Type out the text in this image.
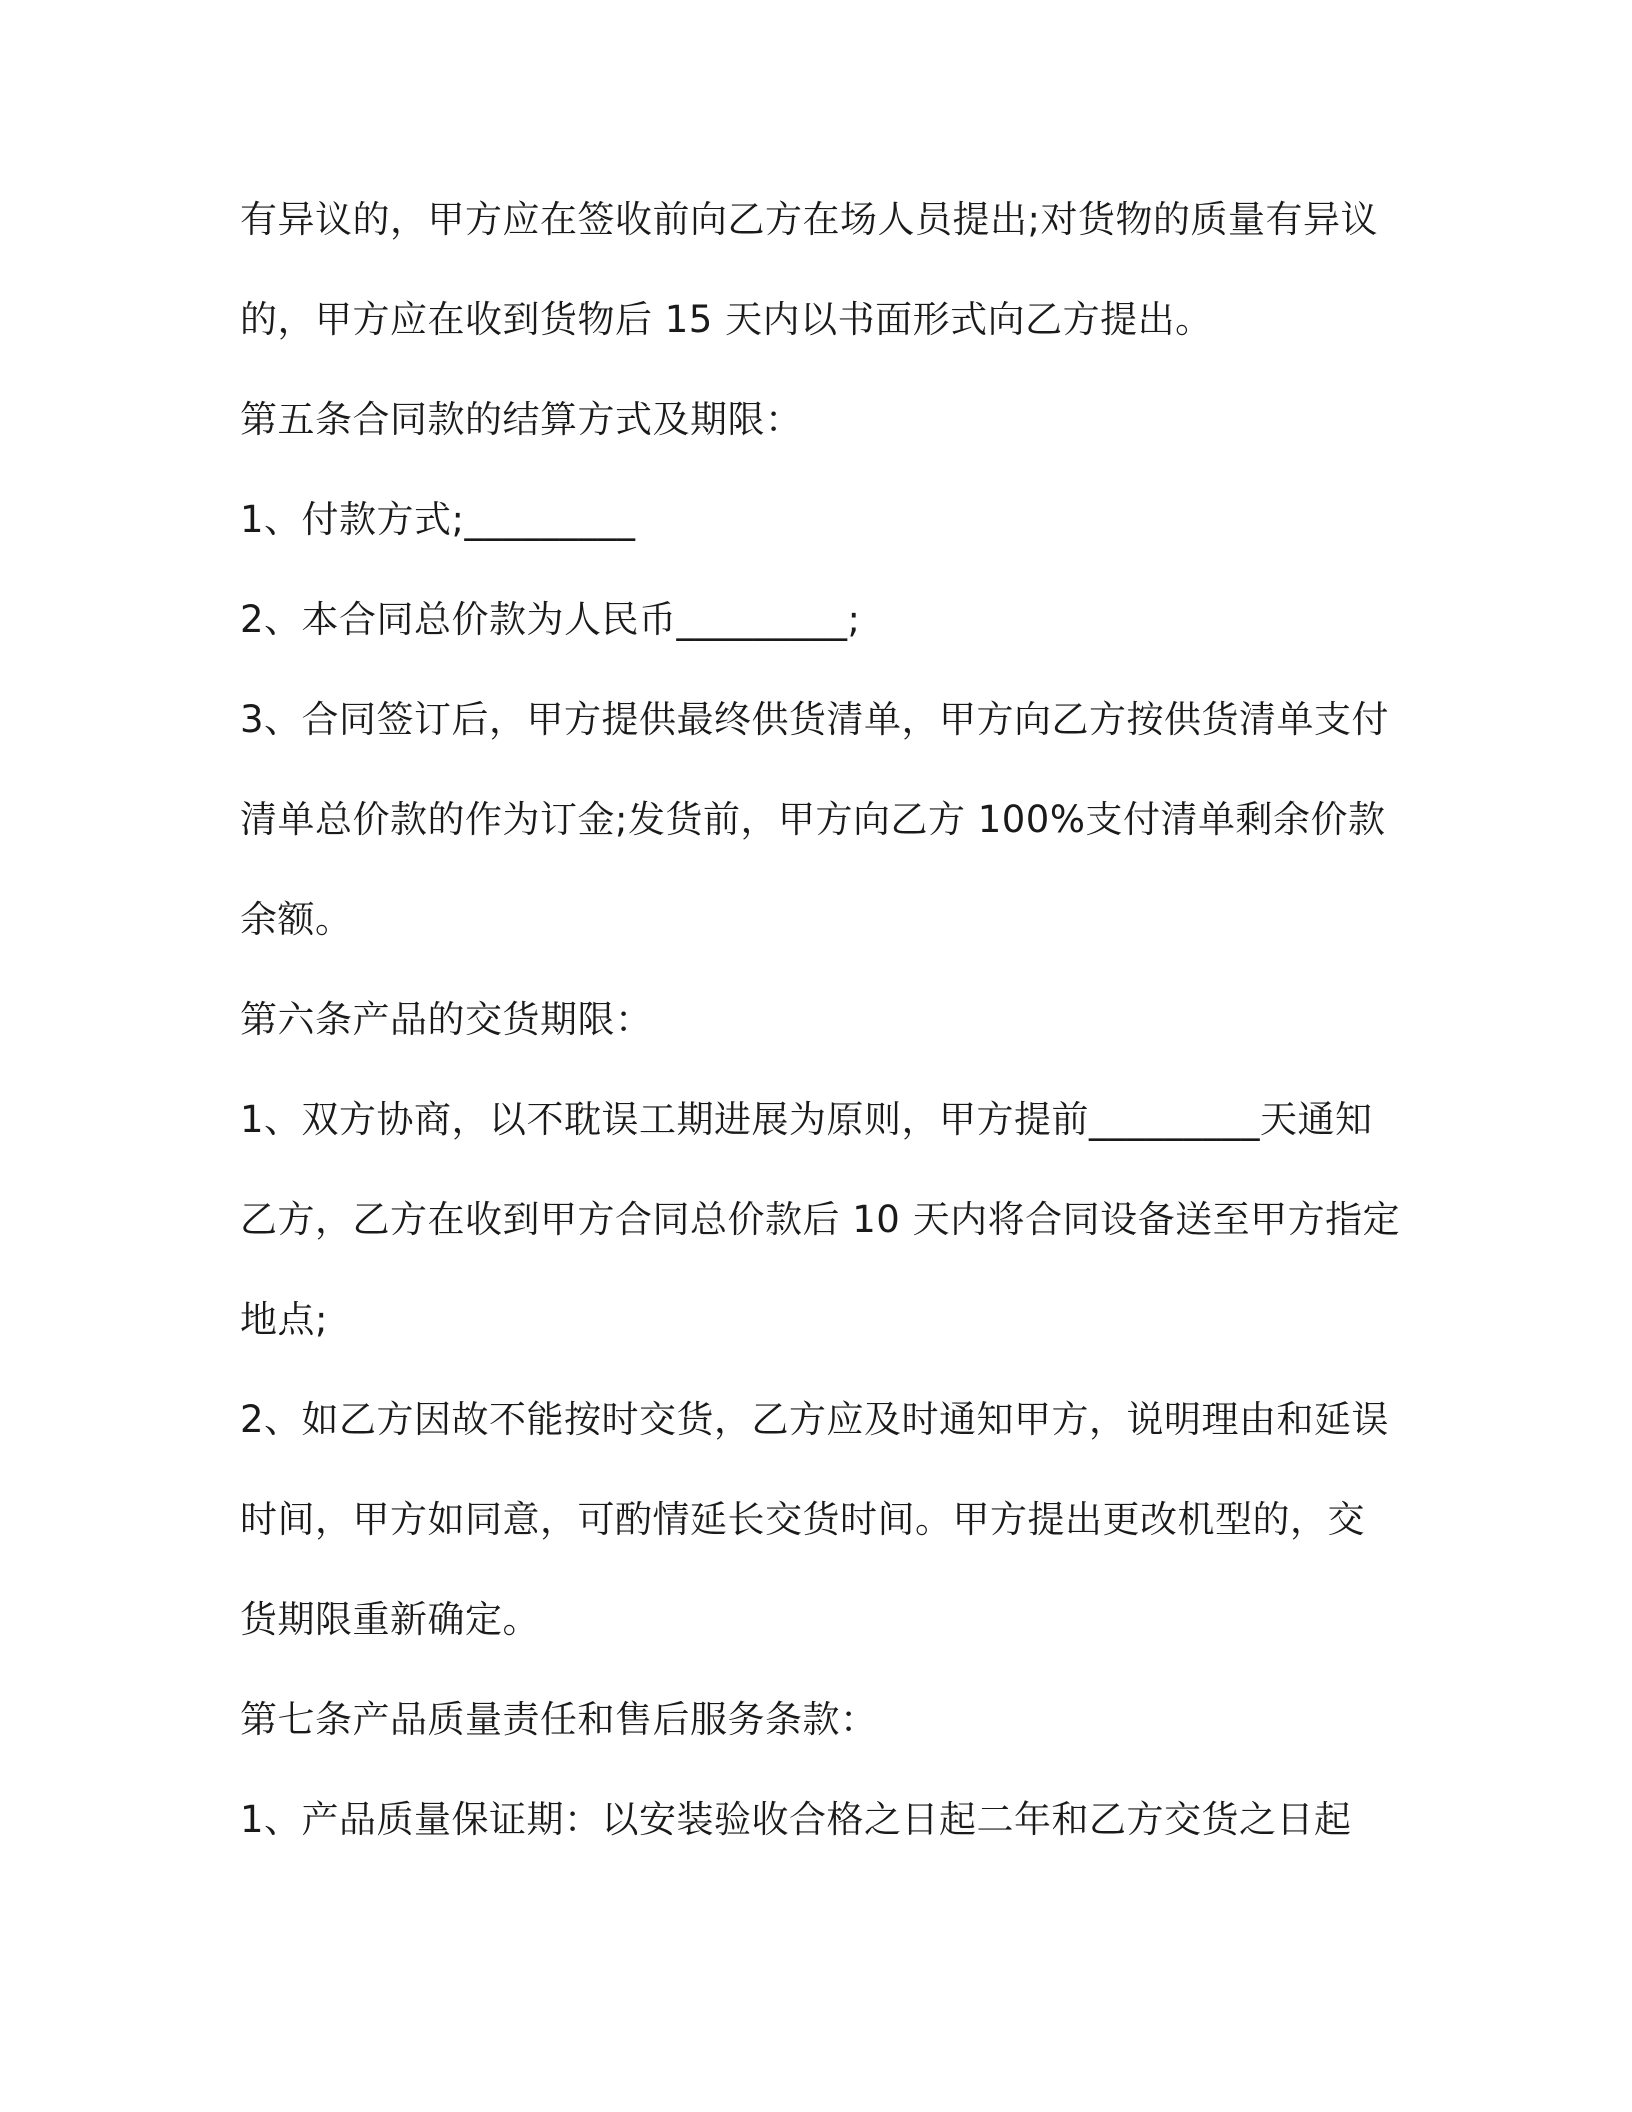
有异议的，甲方应在签收前向乙方在场人员提出;对货物的质量有异议
的，甲方应在收到货物后 15 天内以书面形式向乙方提出。
第五条合同款的结算方式及期限：
1、付款方式;_________
2、本合同总价款为人民币_________;
3、合同签订后，甲方提供最终供货清单，甲方向乙方按供货清单支付
清单总价款的作为订金;发货前，甲方向乙方 100%支付清单剩余价款
余额。
第六条产品的交货期限：
1、双方协商，以不耽误工期进展为原则，甲方提前_________天通知
乙方，乙方在收到甲方合同总价款后 10 天内将合同设备送至甲方指定
地点;
2、如乙方因故不能按时交货，乙方应及时通知甲方，说明理由和延误
时间，甲方如同意，可酌情延长交货时间。甲方提出更改机型的，交
货期限重新确定。
第七条产品质量责任和售后服务条款：
1、产品质量保证期：以安装验收合格之日起二年和乙方交货之日起
